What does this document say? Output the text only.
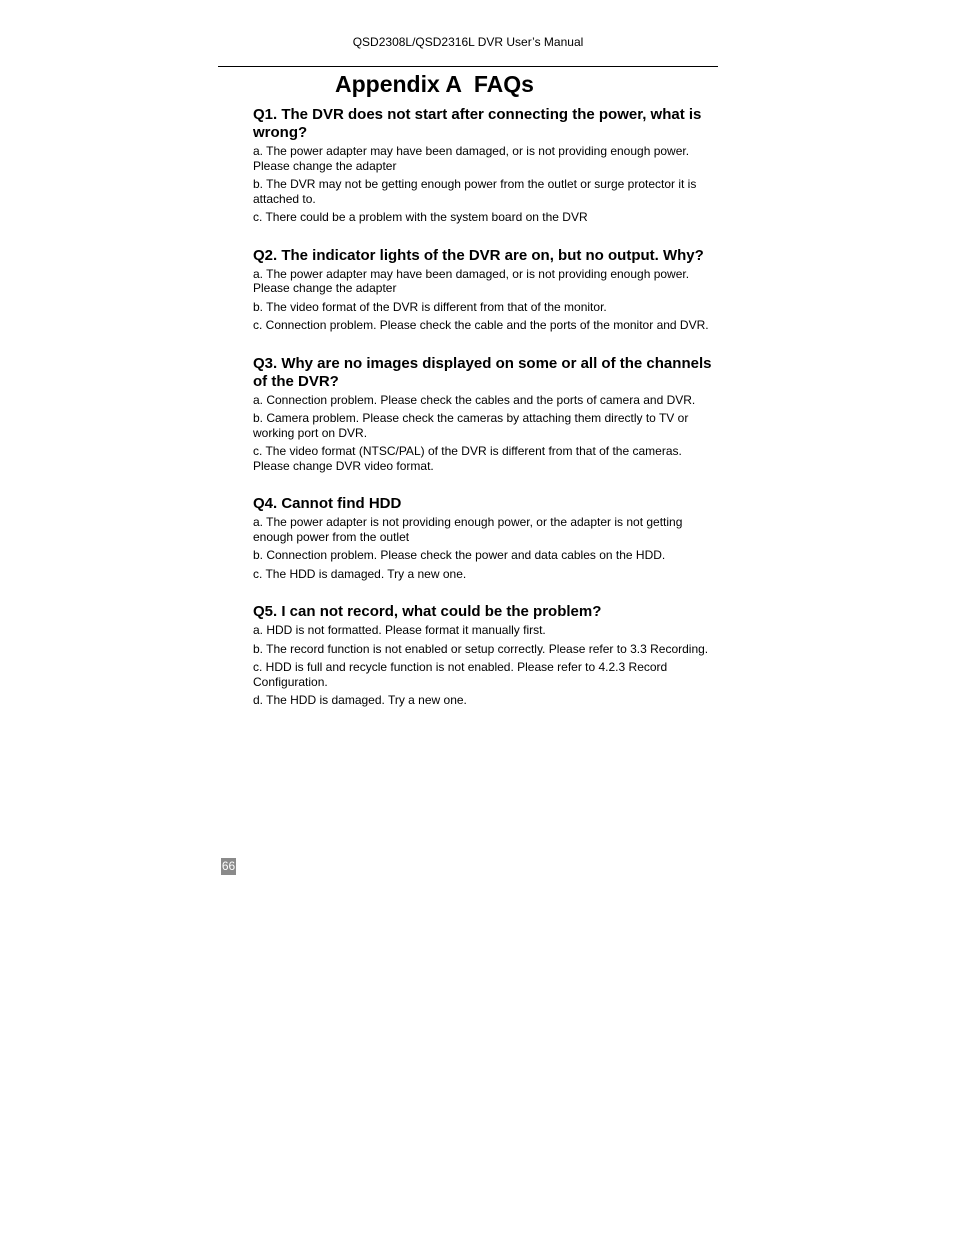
QSD2308L/QSD2316L DVR User’s Manual
Appendix A  FAQs
Q1. The DVR does not start after connecting the power, what is wrong?

a. The power adapter may have been damaged, or is not providing enough power. Please change the adapter

b. The DVR may not be getting enough power from the outlet or surge protector it is attached to.

c. There could be a problem with the system board on the DVR

Q2. The indicator lights of the DVR are on, but no output. Why?

a. The power adapter may have been damaged, or is not providing enough power. Please change the adapter

b. The video format of the DVR is different from that of the monitor.

c. Connection problem. Please check the cable and the ports of the monitor and DVR.

Q3. Why are no images displayed on some or all of the channels of the DVR?

a. Connection problem. Please check the cables and the ports of camera and DVR.

b. Camera problem. Please check the cameras by attaching them directly to TV or working port on DVR.

c. The video format (NTSC/PAL) of the DVR is different from that of the cameras. Please change DVR video format.

Q4. Cannot find HDD

a. The power adapter is not providing enough power, or the adapter is not getting enough power from the outlet

b. Connection problem. Please check the power and data cables on the HDD.

c. The HDD is damaged. Try a new one.

Q5. I can not record, what could be the problem?

a. HDD is not formatted. Please format it manually first.

b. The record function is not enabled or setup correctly. Please refer to 3.3 Recording.

c. HDD is full and recycle function is not enabled. Please refer to 4.2.3 Record Configuration.

d. The HDD is damaged. Try a new one.

66
